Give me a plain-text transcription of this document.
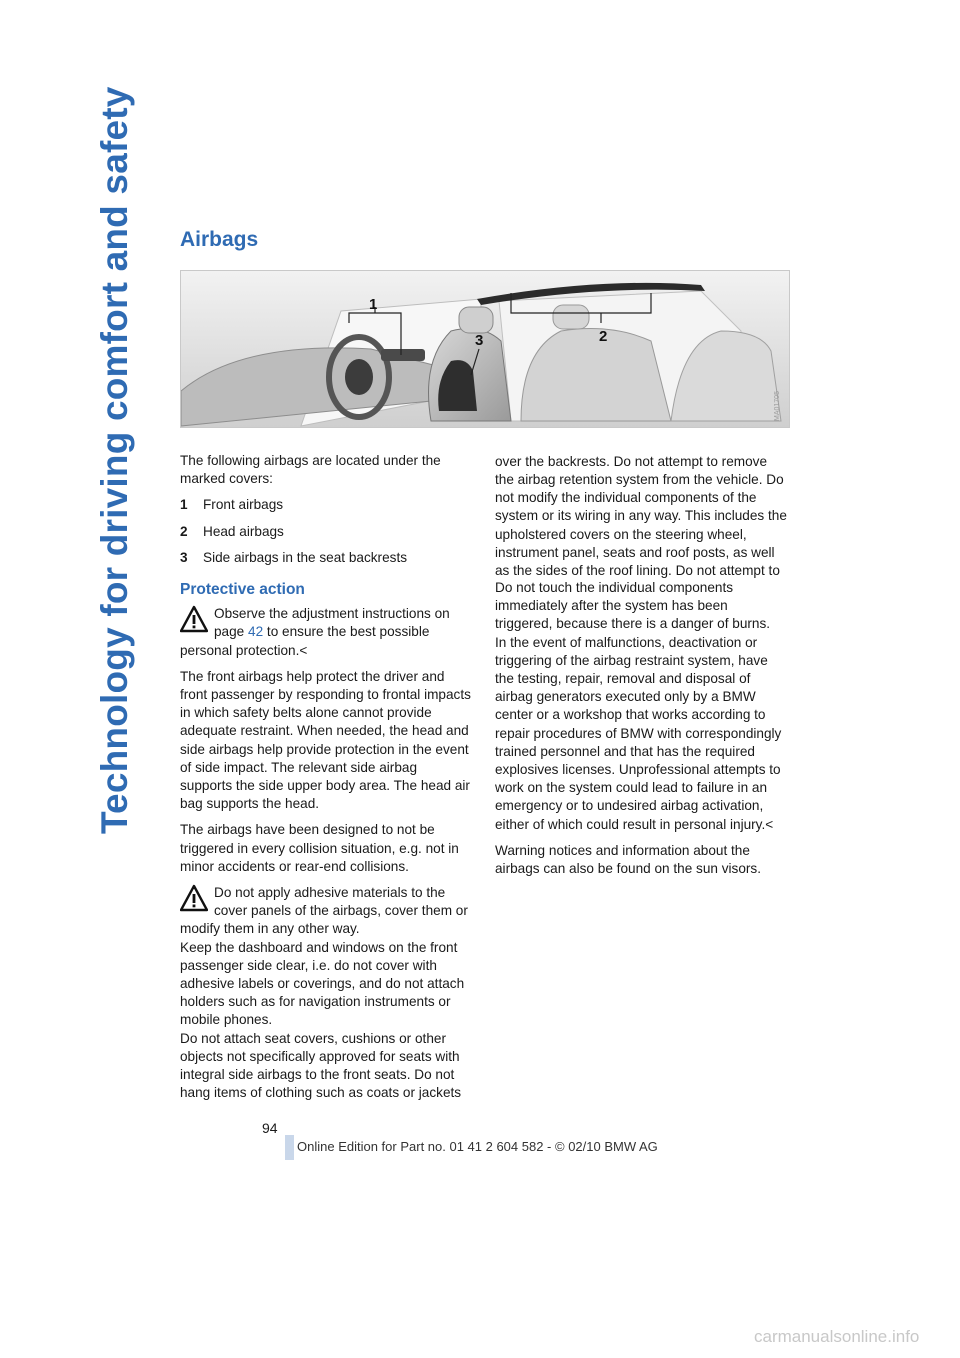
Technology for driving comfort and safety Airbags
1
2
3
MA01705

The following airbags are located under the marked covers:

1	Front airbags
2	Head airbags
3	Side airbags in the seat backrests
Protective action

Observe the adjustment instructions on page 42 to ensure the best possible personal protection.<

The front airbags help protect the driver and front passenger by responding to frontal impacts in which safety belts alone cannot provide adequate restraint. When needed, the head and side airbags help provide protection in the event of side impact. The relevant side airbag supports the side upper body area. The head air bag supports the head.

The airbags have been designed to not be triggered in every collision situation, e.g. not in minor accidents or rear-end collisions.

Do not apply adhesive materials to the cover panels of the airbags, cover them or modify them in any other way.

Keep the dashboard and windows on the front passenger side clear, i.e. do not cover with adhesive labels or coverings, and do not attach holders such as for navigation instruments or mobile phones.

Do not attach seat covers, cushions or other objects not specifically approved for seats with integral side airbags to the front seats. Do not hang items of clothing such as coats or jackets

over the backrests. Do not attempt to remove the airbag retention system from the vehicle. Do not modify the individual components of the system or its wiring in any way. This includes the upholstered covers on the steering wheel, instrument panel, seats and roof posts, as well as the sides of the roof lining. Do not attempt to

Do not touch the individual components immediately after the system has been triggered, because there is a danger of burns.

In the event of malfunctions, deactivation or triggering of the airbag restraint system, have the testing, repair, removal and disposal of airbag generators executed only by a BMW center or a workshop that works according to repair procedures of BMW with correspondingly trained personnel and that has the required explosives licenses. Unprofessional attempts to work on the system could lead to failure in an emergency or to undesired airbag activation, either of which could result in personal injury.<

Warning notices and information about the airbags can also be found on the sun visors.

94
Online Edition for Part no. 01 41 2 604 582 - © 02/10 BMW AG
carmanualsonline.info
